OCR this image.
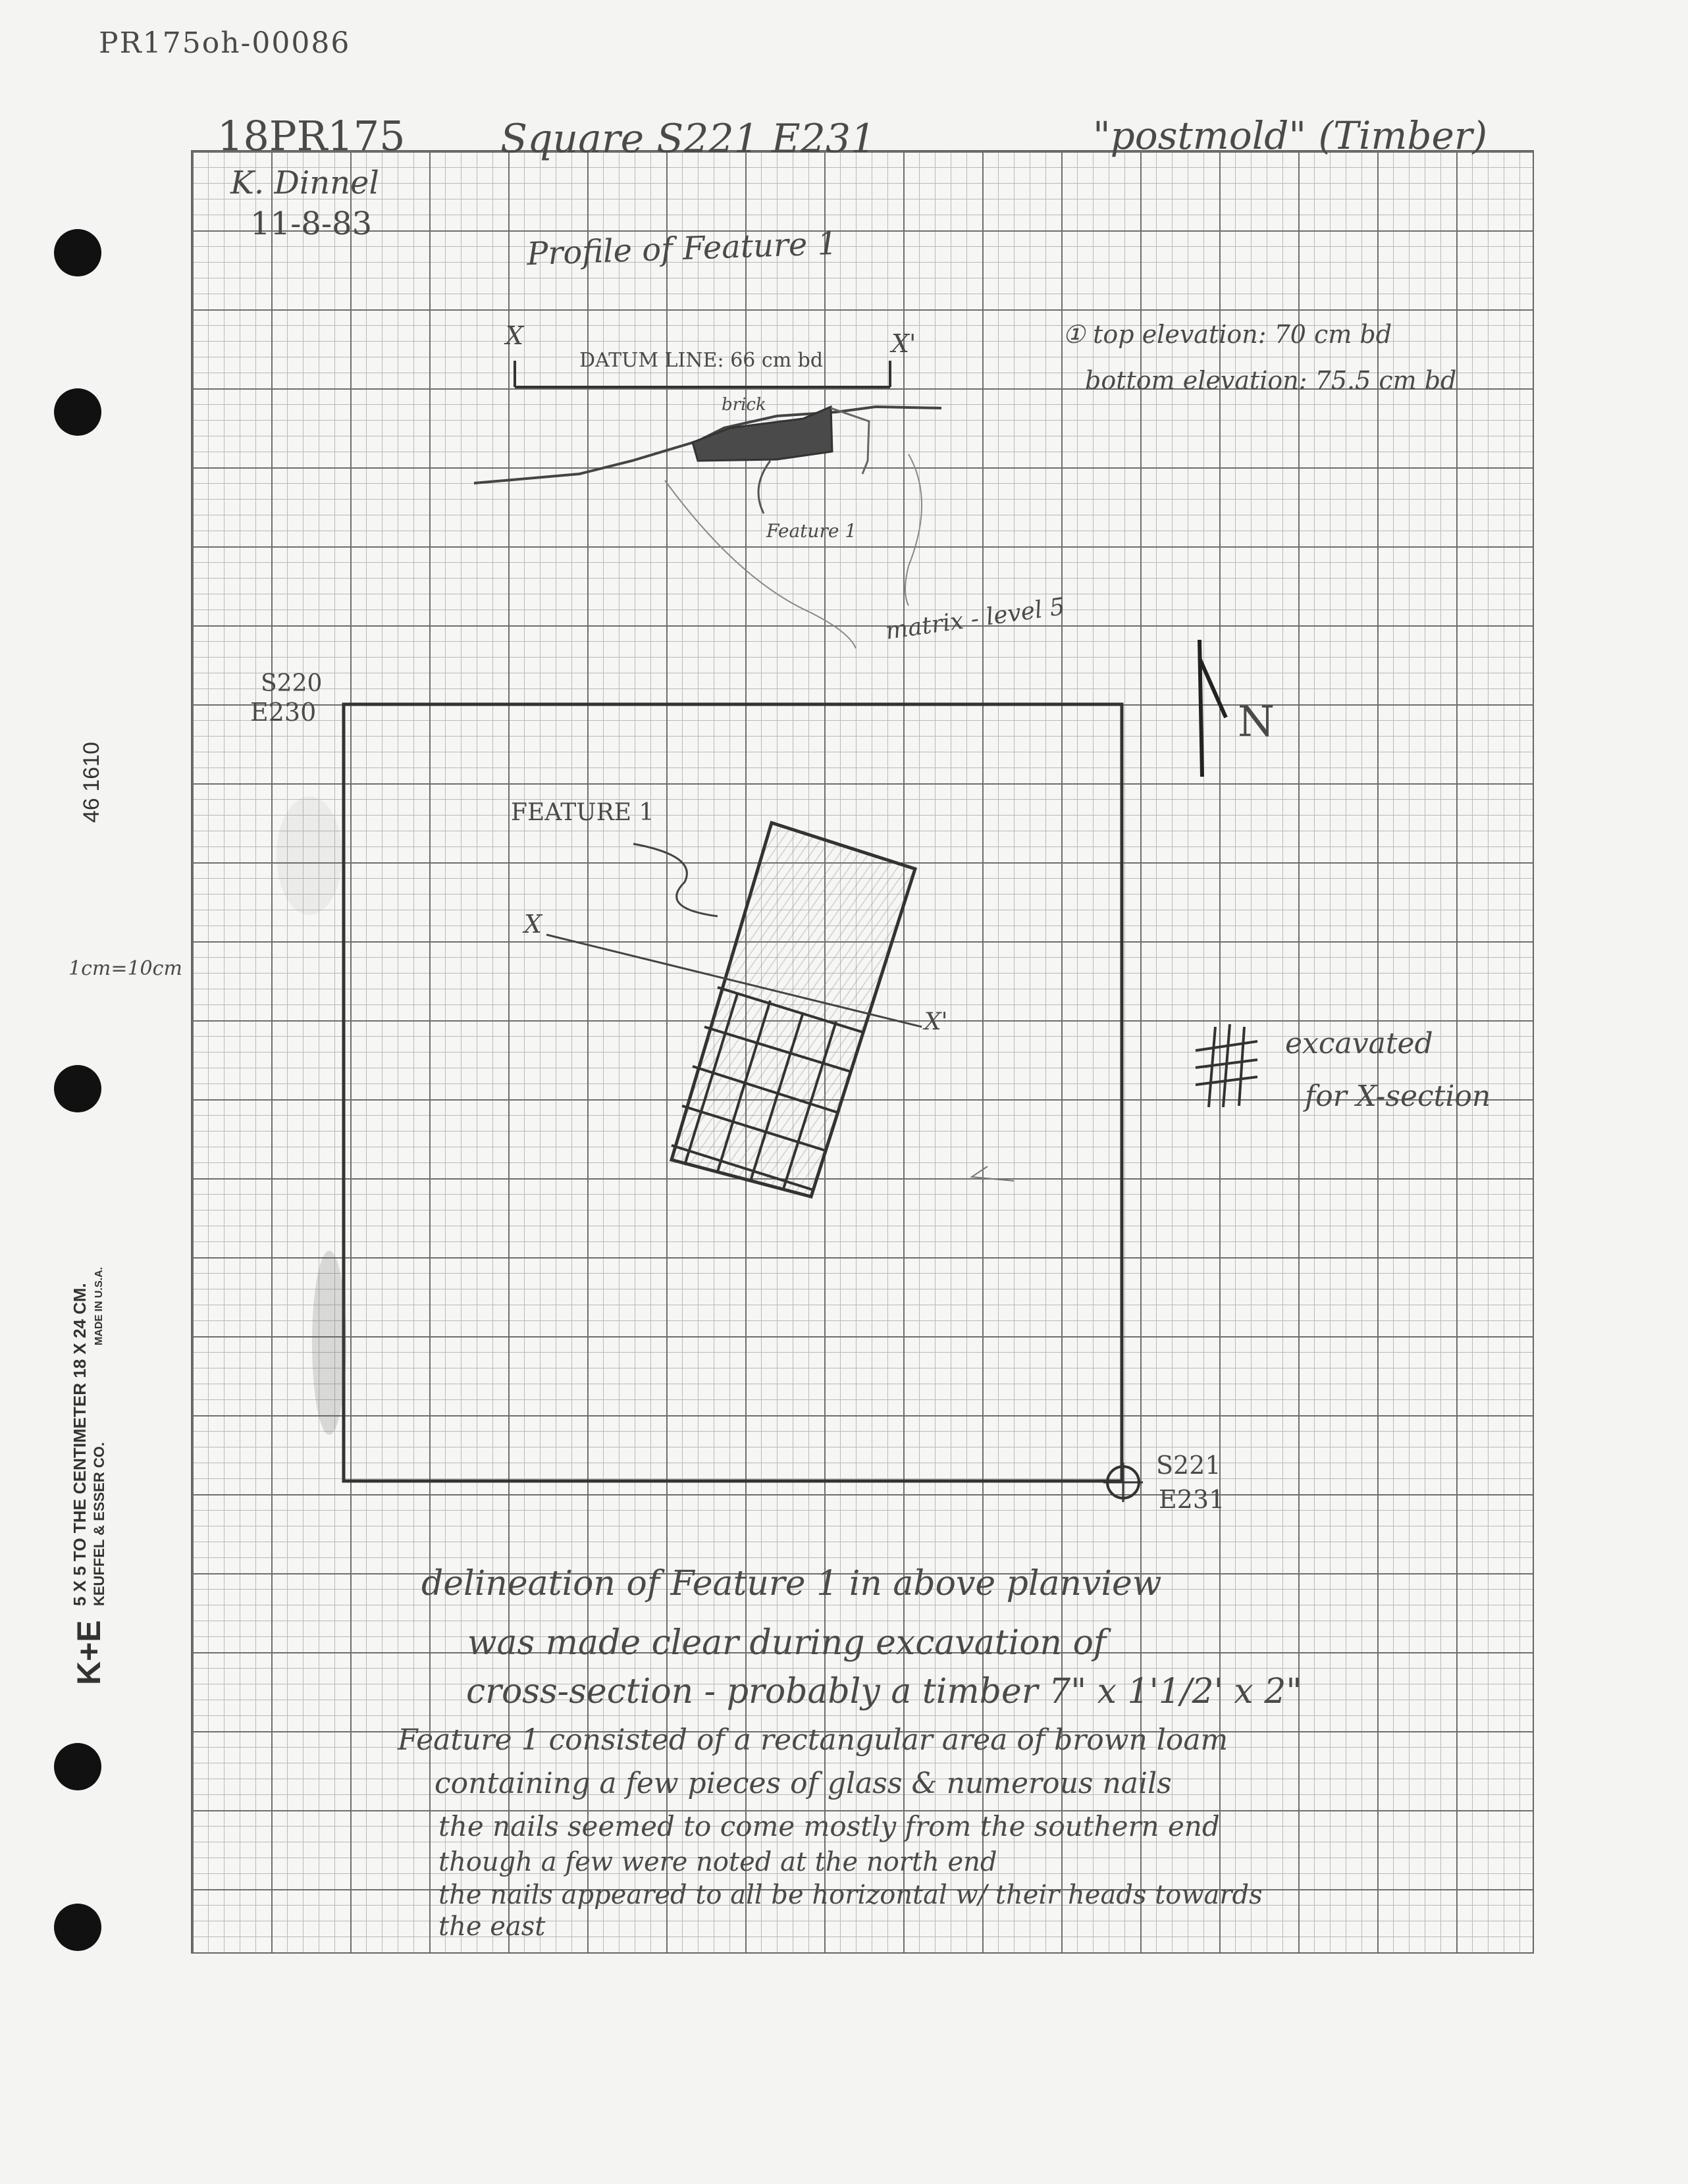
PR175oh-00086
18PR175 Square S221 E231	"postmold" (Timber)
K. Dinnel
11-8-83
Profile of Feature 1
X	X'
DATUM LINE: 66 cm bd
brick
Feature 1
matrix - level 5
① top elevation: 70 cm bd
bottom elevation: 75.5 cm bd
S220
E230
S221
E231
FEATURE 1
X
X'
N
excavated
for X-section
1cm=10cm
delineation of Feature 1 in above planview
was made clear during excavation of
cross-section - probably a timber 7" x 1'1/2' x 2"
Feature 1 consisted of a rectangular area of brown loam
containing a few pieces of glass & numerous nails
the nails seemed to come mostly from the southern end
though a few were noted at the north end
the nails appeared to all be horizontal w/ their heads towards
the east
46 1610
K+E
5 X 5 TO THE CENTIMETER 18 X 24 CM. KEUFFEL & ESSER CO.
MADE IN U.S.A.
